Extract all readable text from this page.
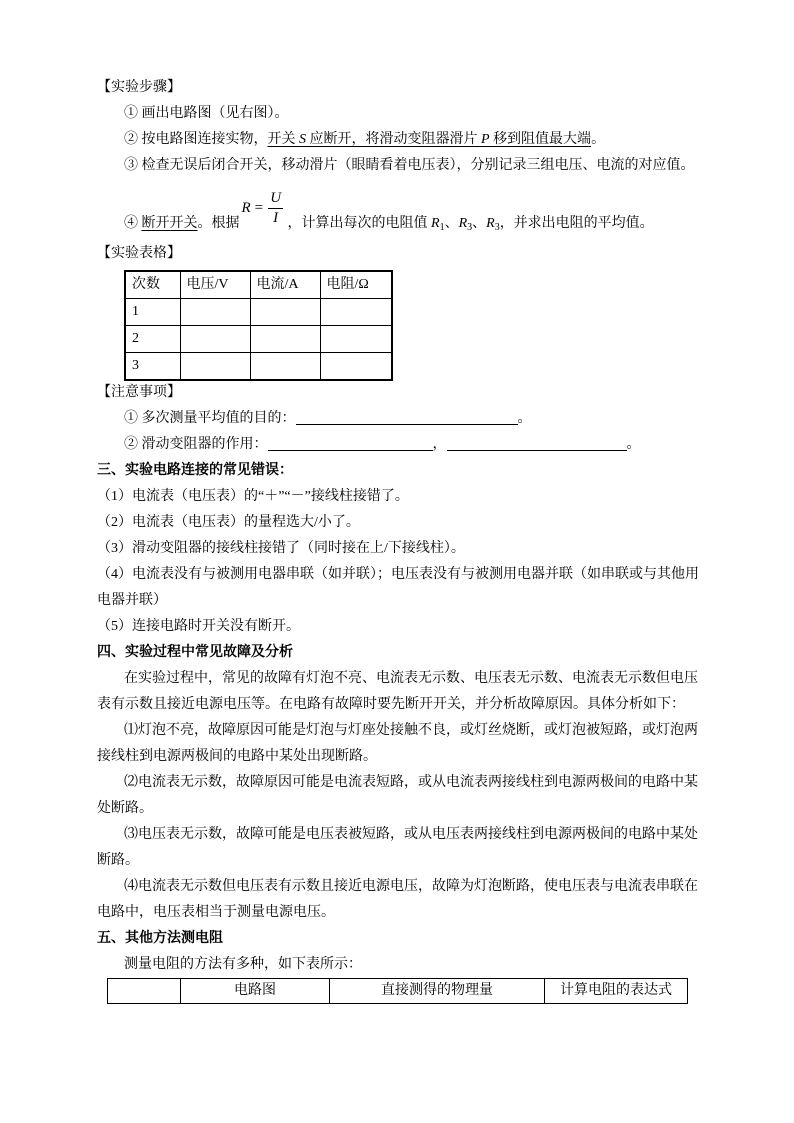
【实验步骤】
① 画出电路图（见右图）。
② 按电路图连接实物，开关 S 应断开，将滑动变阻器滑片 P 移到阻值最大端。
③ 检查无误后闭合开关，移动滑片（眼睛看着电压表），分别记录三组电压、电流的对应值。
④ 断开开关。根据
$R = \frac{U}{I}$ ，计算出每次的电阻值 $R_1$、$R_3$、$R_3$，并求出电阻的平均值。
【实验表格】
次数	电压/V	电流/A	电阻/Ω
1			
2			
3			
【注意事项】
① 多次测量平均值的目的：	。
② 滑动变阻器的作用：	，	。
三、实验电路连接的常见错误：
（1）电流表（电压表）的“＋”“－”接线柱接错了。
（2）电流表（电压表）的量程选大/小了。
（3）滑动变阻器的接线柱接错了（同时接在上/下接线柱）。
（4）电流表没有与被测用电器串联（如并联）；电压表没有与被测用电器并联（如串联或与其他用
电器并联）
（5）连接电路时开关没有断开。
四、实验过程中常见故障及分析
在实验过程中，常见的故障有灯泡不亮、电流表无示数、电压表无示数、电流表无示数但电压
表有示数且接近电源电压等。在电路有故障时要先断开开关，并分析故障原因。具体分析如下：
⑴灯泡不亮，故障原因可能是灯泡与灯座处接触不良，或灯丝烧断，或灯泡被短路，或灯泡两
接线柱到电源两极间的电路中某处出现断路。
⑵电流表无示数，故障原因可能是电流表短路，或从电流表两接线柱到电源两极间的电路中某
处断路。
⑶电压表无示数，故障可能是电压表被短路，或从电压表两接线柱到电源两极间的电路中某处
断路。
⑷电流表无示数但电压表有示数且接近电源电压，故障为灯泡断路，使电压表与电流表串联在
电路中，电压表相当于测量电源电压。
五、其他方法测电阻
测量电阻的方法有多种，如下表所示：
	电路图	直接测得的物理量	计算电阻的表达式
